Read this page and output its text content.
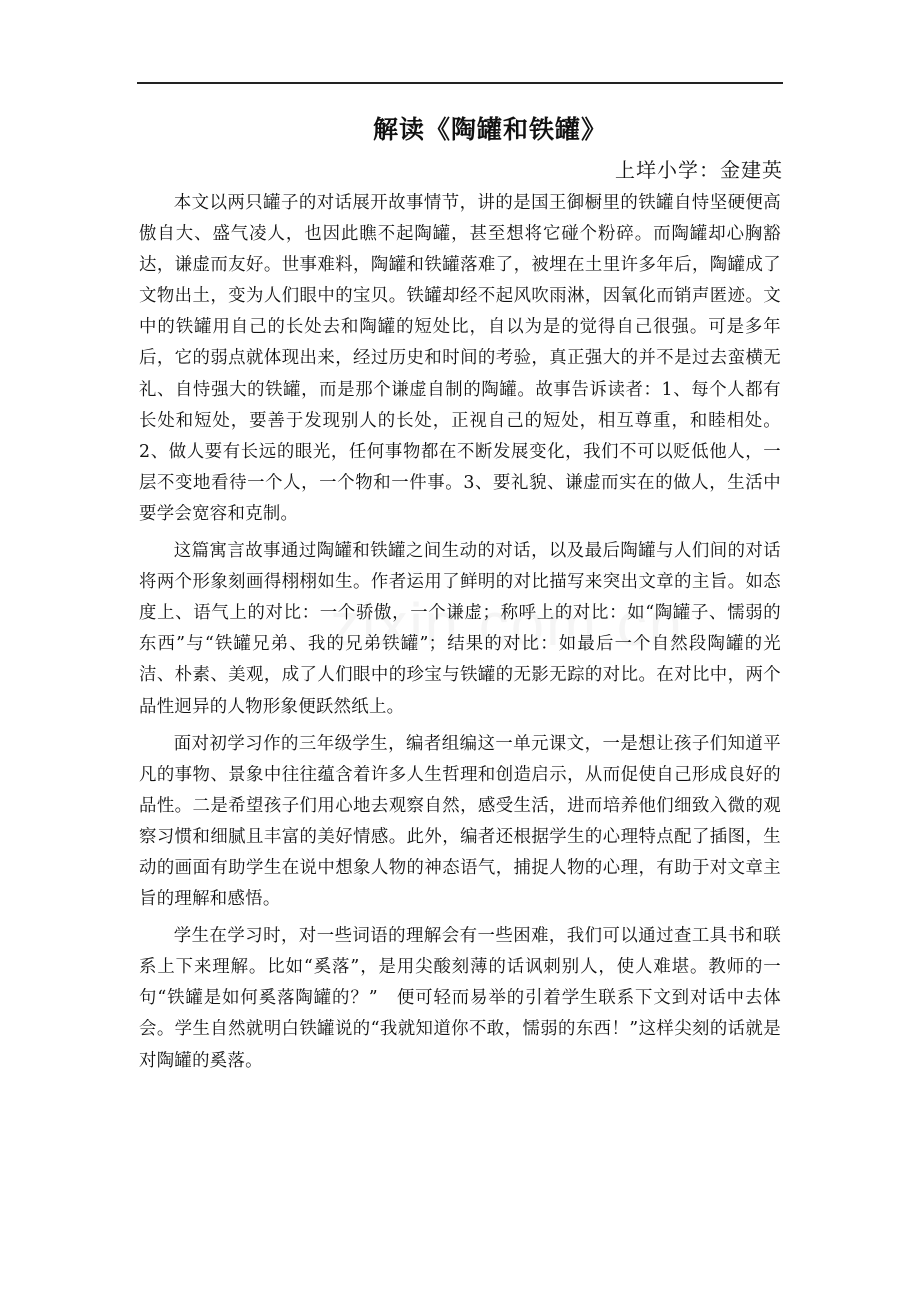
解读《陶罐和铁罐》
上垟小学：金建英

本文以两只罐子的对话展开故事情节，讲的是国王御橱里的铁罐自恃坚硬便高傲自大、盛气凌人，也因此瞧不起陶罐，甚至想将它碰个粉碎。而陶罐却心胸豁达，谦虚而友好。世事难料，陶罐和铁罐落难了，被埋在土里许多年后，陶罐成了文物出土，变为人们眼中的宝贝。铁罐却经不起风吹雨淋，因氧化而销声匿迹。文中的铁罐用自己的长处去和陶罐的短处比，自以为是的觉得自己很强。可是多年后，它的弱点就体现出来，经过历史和时间的考验，真正强大的并不是过去蛮横无礼、自恃强大的铁罐，而是那个谦虚自制的陶罐。故事告诉读者：1、每个人都有长处和短处，要善于发现别人的长处，正视自己的短处，相互尊重，和睦相处。2、做人要有长远的眼光，任何事物都在不断发展变化，我们不可以贬低他人，一层不变地看待一个人，一个物和一件事。3、要礼貌、谦虚而实在的做人，生活中要学会宽容和克制。

这篇寓言故事通过陶罐和铁罐之间生动的对话，以及最后陶罐与人们间的对话将两个形象刻画得栩栩如生。作者运用了鲜明的对比描写来突出文章的主旨。如态度上、语气上的对比：一个骄傲，一个谦虚；称呼上的对比：如“陶罐子、懦弱的东西”与“铁罐兄弟、我的兄弟铁罐”；结果的对比：如最后一个自然段陶罐的光洁、朴素、美观，成了人们眼中的珍宝与铁罐的无影无踪的对比。在对比中，两个品性迥异的人物形象便跃然纸上。

面对初学习作的三年级学生，编者组编这一单元课文，一是想让孩子们知道平凡的事物、景象中往往蕴含着许多人生哲理和创造启示，从而促使自己形成良好的品性。二是希望孩子们用心地去观察自然，感受生活，进而培养他们细致入微的观察习惯和细腻且丰富的美好情感。此外，编者还根据学生的心理特点配了插图，生动的画面有助学生在说中想象人物的神态语气，捕捉人物的心理，有助于对文章主旨的理解和感悟。

学生在学习时，对一些词语的理解会有一些困难，我们可以通过查工具书和联系上下来理解。比如“奚落”，是用尖酸刻薄的话讽刺别人，使人难堪。教师的一句“铁罐是如何奚落陶罐的？”　便可轻而易举的引着学生联系下文到对话中去体会。学生自然就明白铁罐说的“我就知道你不敢，懦弱的东西！”这样尖刻的话就是对陶罐的奚落。
